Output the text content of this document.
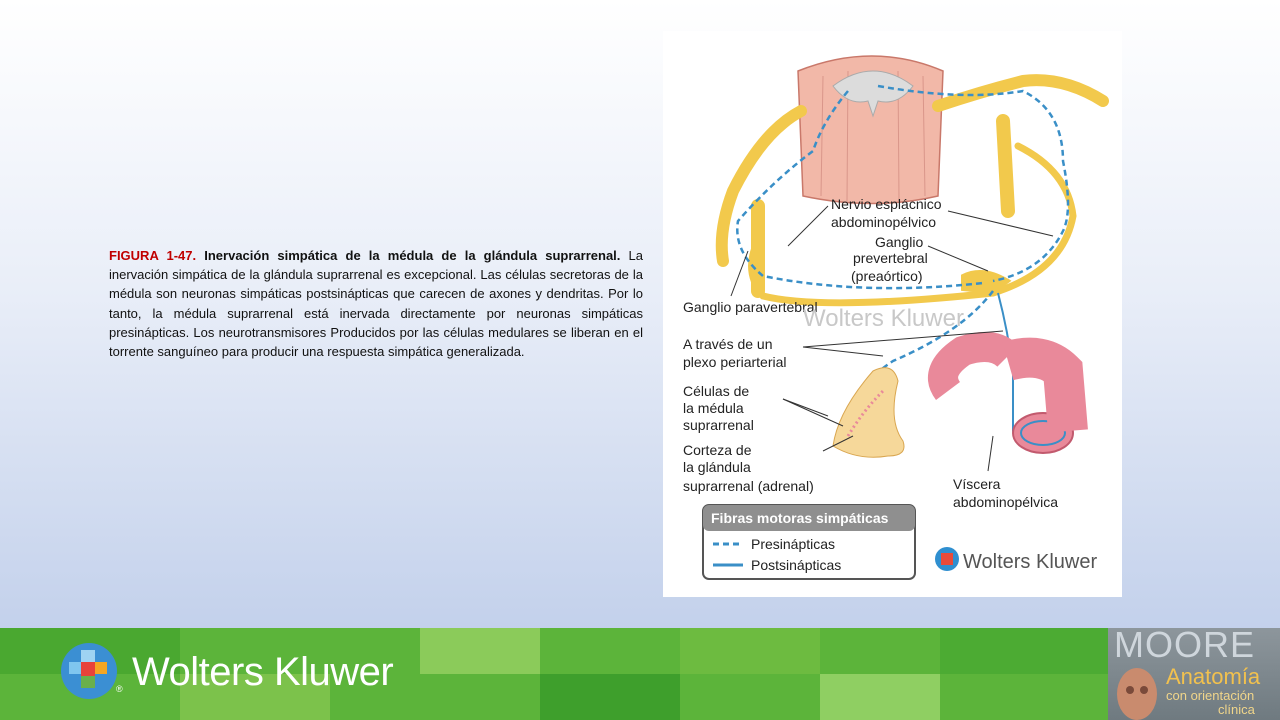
FIGURA 1-47. Inervación simpática de la médula de la glándula suprarrenal. La inervación simpática de la glándula suprarrenal es excepcional. Las células secretoras de la médula son neuronas simpáticas postsinápticas que carecen de axones y dendritas. Por lo tanto, la médula suprarrenal está inervada directamente por neuronas simpáticas presinápticas. Los neurotransmisores Producidos por las células medulares se liberan en el torrente sanguíneo para producir una respuesta simpática generalizada.
Nervio esplácnico
abdominopélvico
Ganglio
prevertebral
(preaórtico)
Ganglio paravertebral
Wolters Kluwer
A través de un
plexo periarterial
Células de
la médula
suprarrenal
Corteza de
la glándula
suprarrenal (adrenal)	Víscera
abdominopélvica
Fibras motoras simpáticas
Presinápticas
Postsinápticas	Wolters Kluwer
® Wolters Kluwer
MOORE
Anatomía
con orientación
clínica
